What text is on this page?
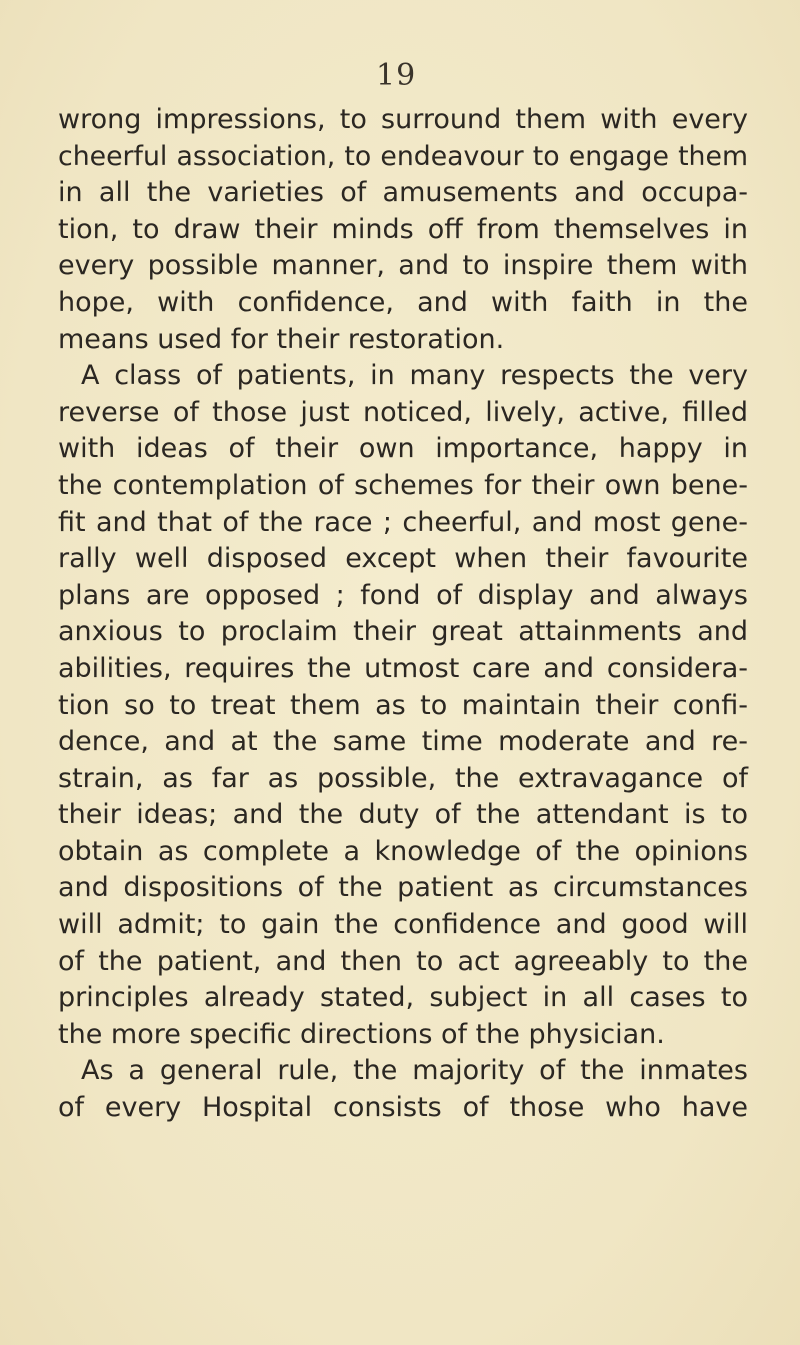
19
wrong impressions, to surround them with every
cheerful association, to endeavour to engage them
in all the varieties of amusements and occupa-
tion, to draw their minds off from themselves in
every possible manner, and to inspire them with
hope, with confidence, and with faith in the
means used for their restoration.
A class of patients, in many respects the very
reverse of those just noticed, lively, active, filled
with ideas of their own importance, happy in
the contemplation of schemes for their own bene-
fit and that of the race ; cheerful, and most gene-
rally well disposed except when their favourite
plans are opposed ; fond of display and always
anxious to proclaim their great attainments and
abilities, requires the utmost care and considera-
tion so to treat them as to maintain their confi-
dence, and at the same time moderate and re-
strain, as far as possible, the extravagance of
their ideas; and the duty of the attendant is to
obtain as complete a knowledge of the opinions
and dispositions of the patient as circumstances
will admit; to gain the confidence and good will
of the patient, and then to act agreeably to the
principles already stated, subject in all cases to
the more specific directions of the physician.
As a general rule, the majority of the inmates
of every Hospital consists of those who have
